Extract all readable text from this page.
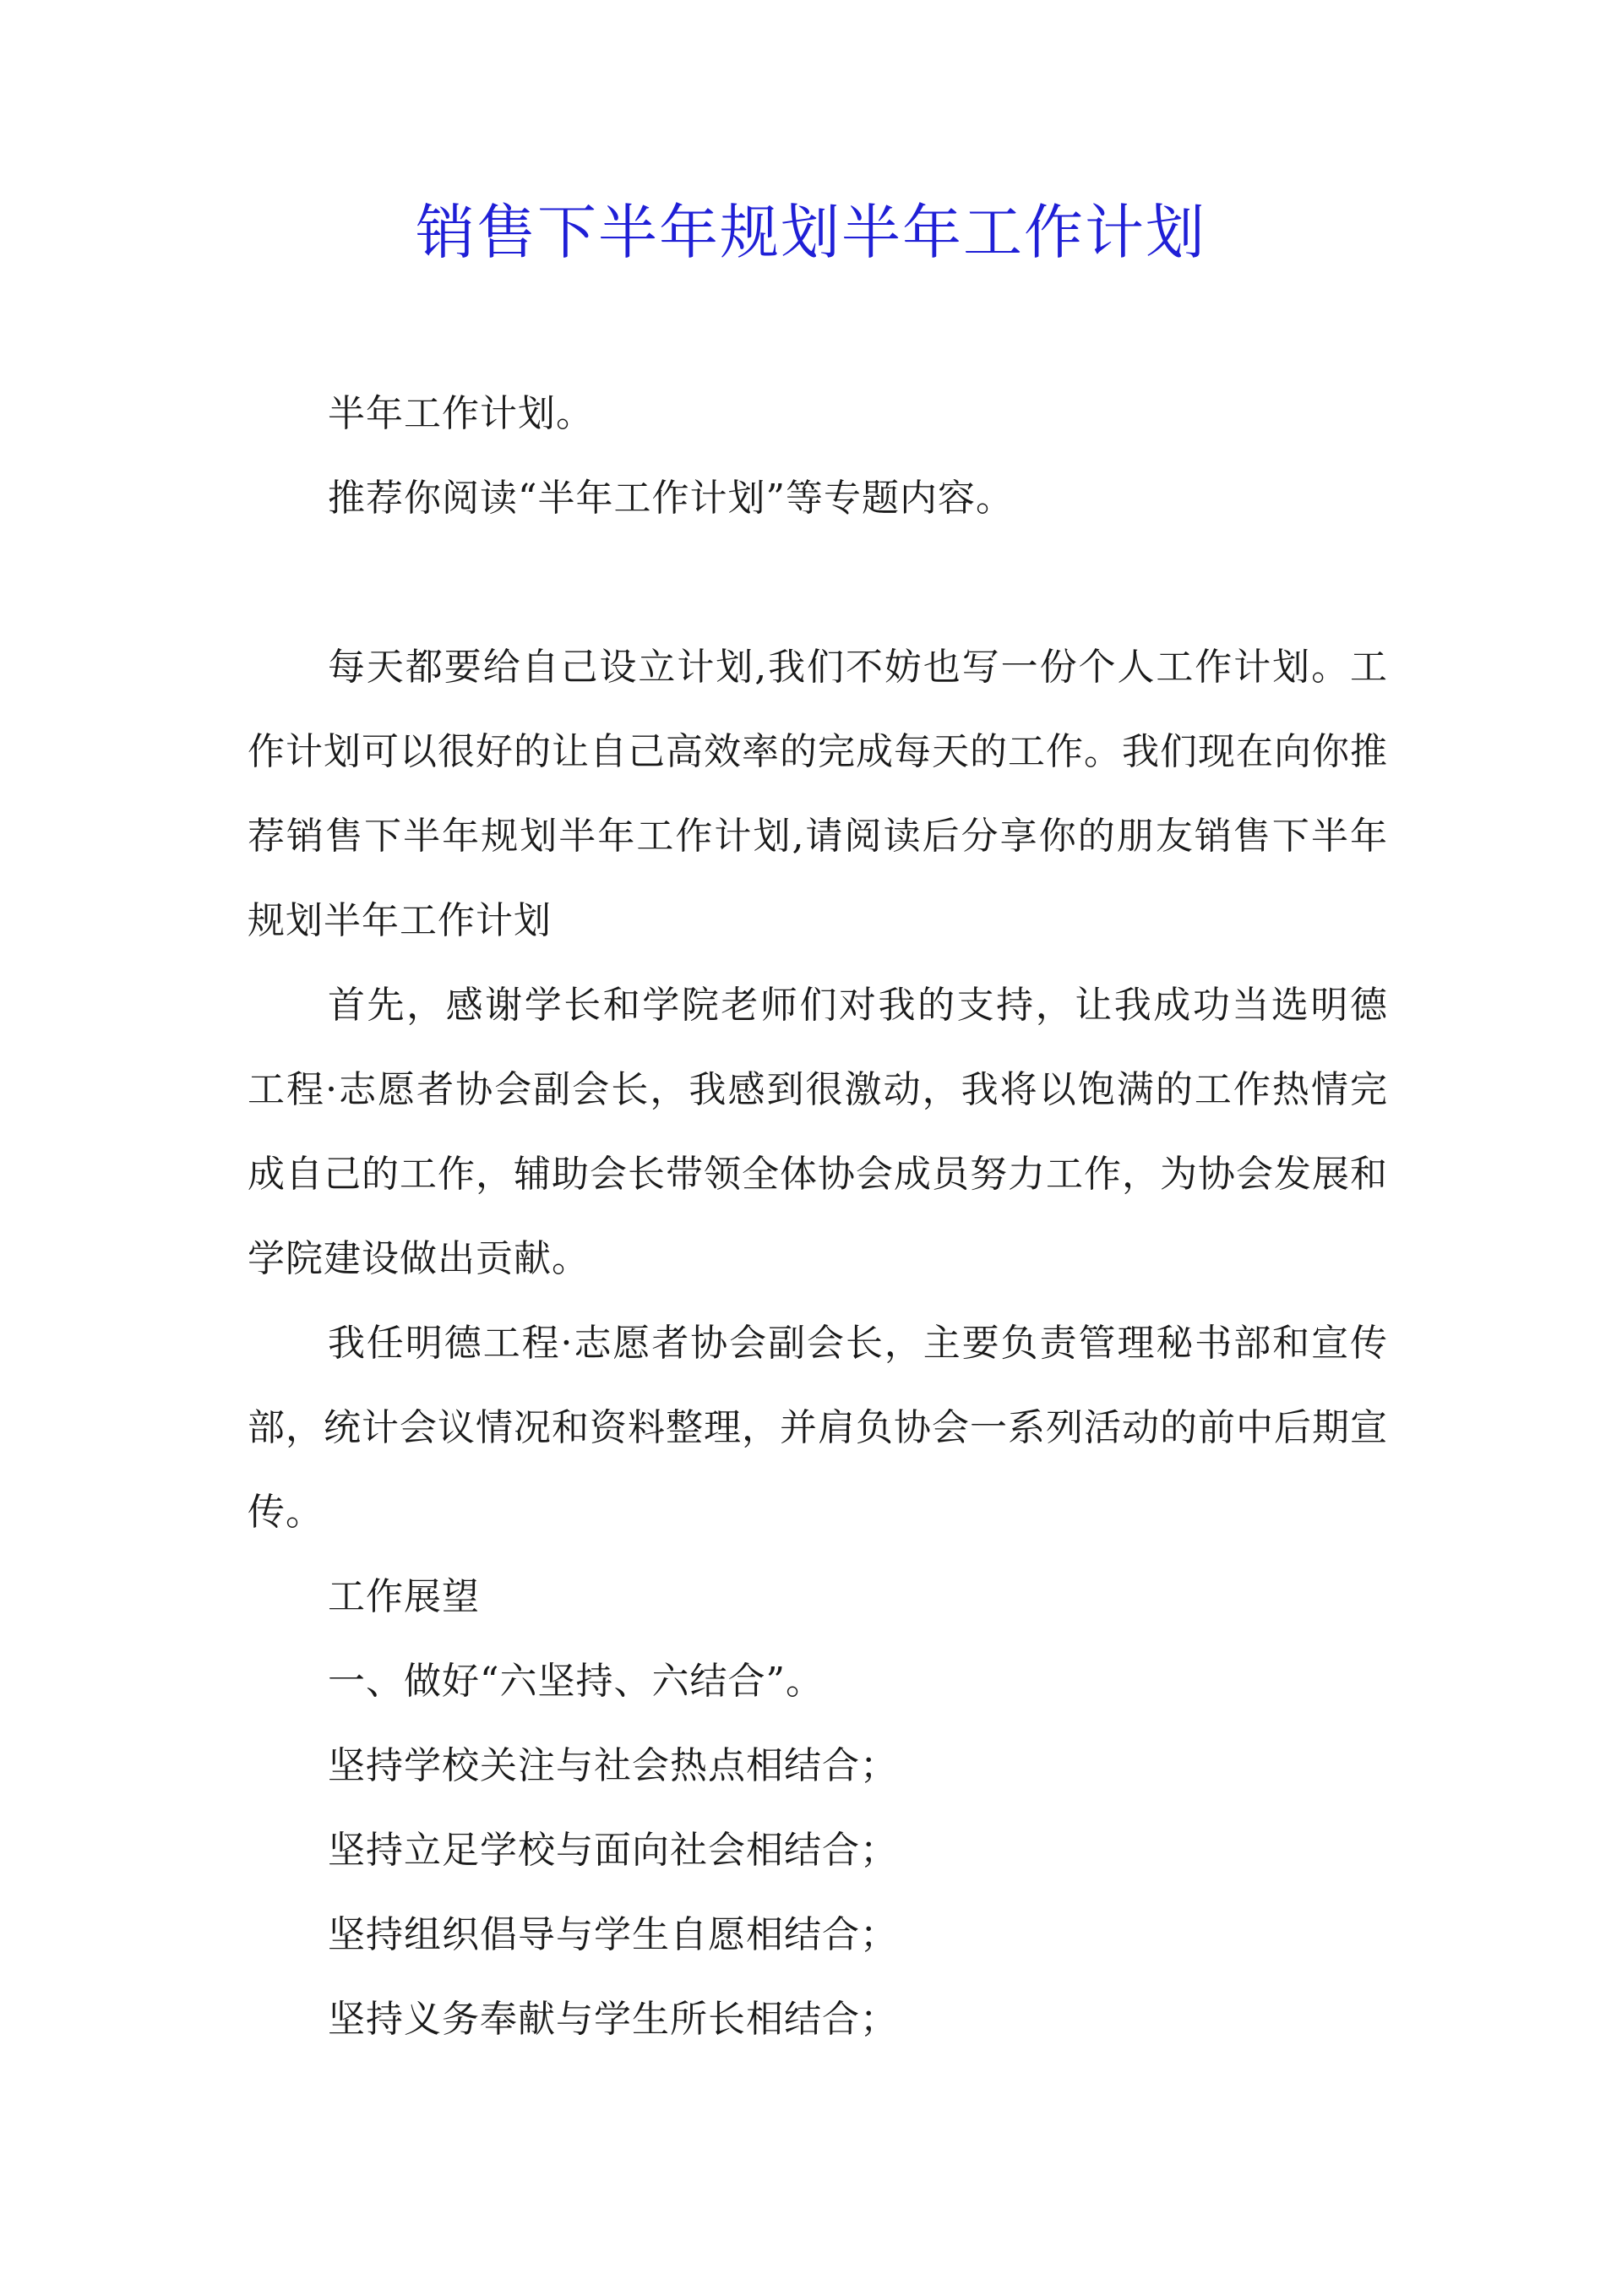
销售下半年规划半年工作计划

半年工作计划。

推荐你阅读“半年工作计划”等专题内容。

每天都要给自己设立计划,我们不妨也写一份个人工作计划。工作计划可以很好的让自己高效率的完成每天的工作。我们现在向你推荐销售下半年规划半年工作计划,请阅读后分享你的朋友销售下半年规划半年工作计划

首先，感谢学长和学院老师们对我的支持，让我成功当选明德工程·志愿者协会副会长，我感到很激动，我将以饱满的工作热情完成自己的工作，辅助会长带领全体协会成员努力工作，为协会发展和学院建设做出贡献。

我任明德工程·志愿者协会副会长，主要负责管理秘书部和宣传部，统计会议情况和资料整理，并肩负协会一系列活动的前中后期宣传。

工作展望

一、做好“六坚持、六结合”。

坚持学校关注与社会热点相结合；

坚持立足学校与面向社会相结合；

坚持组织倡导与学生自愿相结合；

坚持义务奉献与学生所长相结合；
